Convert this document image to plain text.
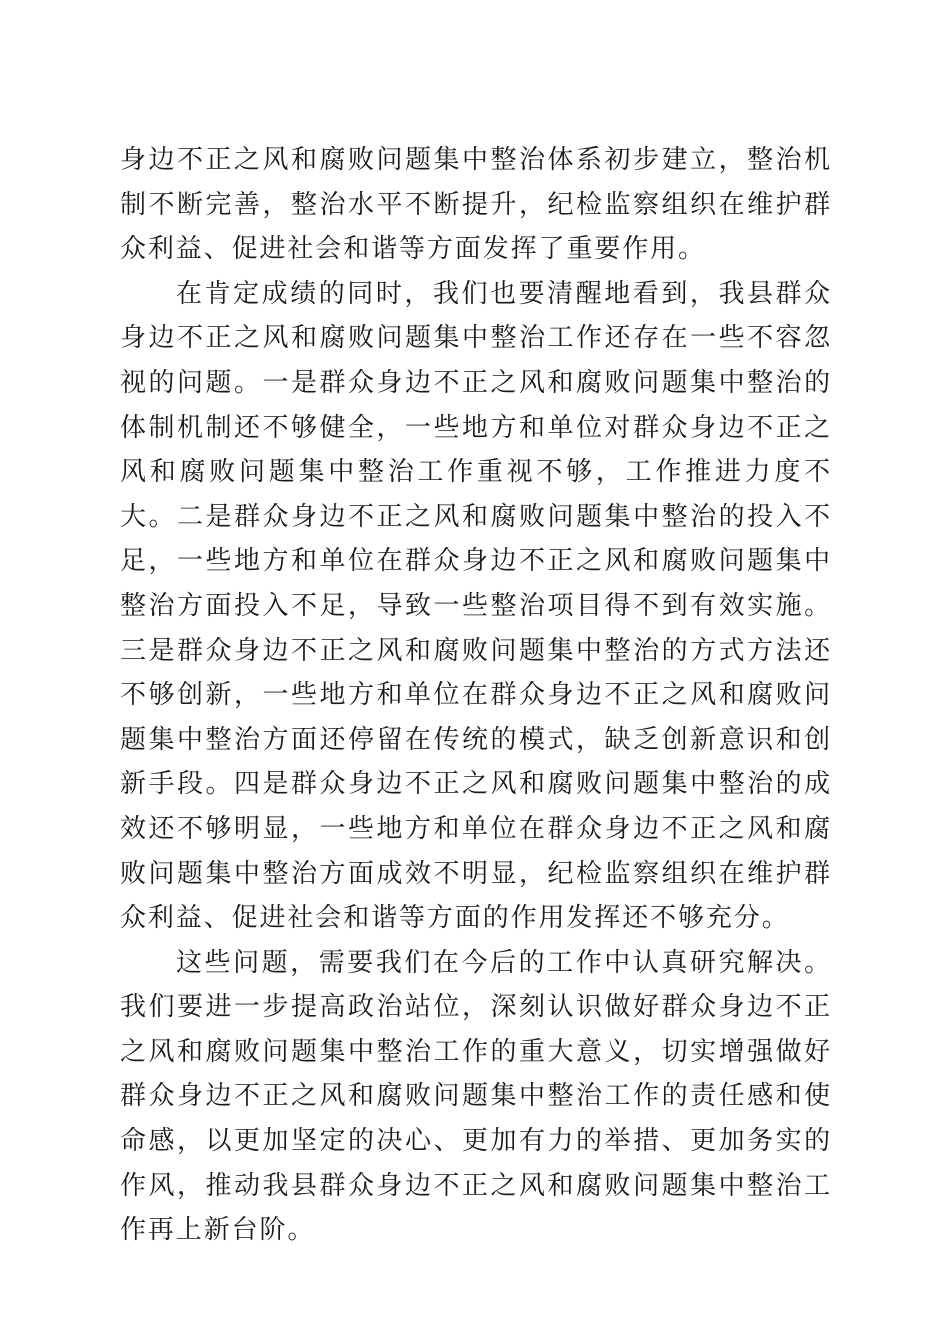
身边不正之风和腐败问题集中整治体系初步建立，整治机制不断完善，整治水平不断提升，纪检监察组织在维护群众利益、促进社会和谐等方面发挥了重要作用。

在肯定成绩的同时，我们也要清醒地看到，我县群众身边不正之风和腐败问题集中整治工作还存在一些不容忽视的问题。一是群众身边不正之风和腐败问题集中整治的体制机制还不够健全，一些地方和单位对群众身边不正之风和腐败问题集中整治工作重视不够，工作推进力度不大。二是群众身边不正之风和腐败问题集中整治的投入不足，一些地方和单位在群众身边不正之风和腐败问题集中整治方面投入不足，导致一些整治项目得不到有效实施。三是群众身边不正之风和腐败问题集中整治的方式方法还不够创新，一些地方和单位在群众身边不正之风和腐败问题集中整治方面还停留在传统的模式，缺乏创新意识和创新手段。四是群众身边不正之风和腐败问题集中整治的成效还不够明显，一些地方和单位在群众身边不正之风和腐败问题集中整治方面成效不明显，纪检监察组织在维护群众利益、促进社会和谐等方面的作用发挥还不够充分。

这些问题，需要我们在今后的工作中认真研究解决。我们要进一步提高政治站位，深刻认识做好群众身边不正之风和腐败问题集中整治工作的重大意义，切实增强做好群众身边不正之风和腐败问题集中整治工作的责任感和使命感，以更加坚定的决心、更加有力的举措、更加务实的作风，推动我县群众身边不正之风和腐败问题集中整治工作再上新台阶。
